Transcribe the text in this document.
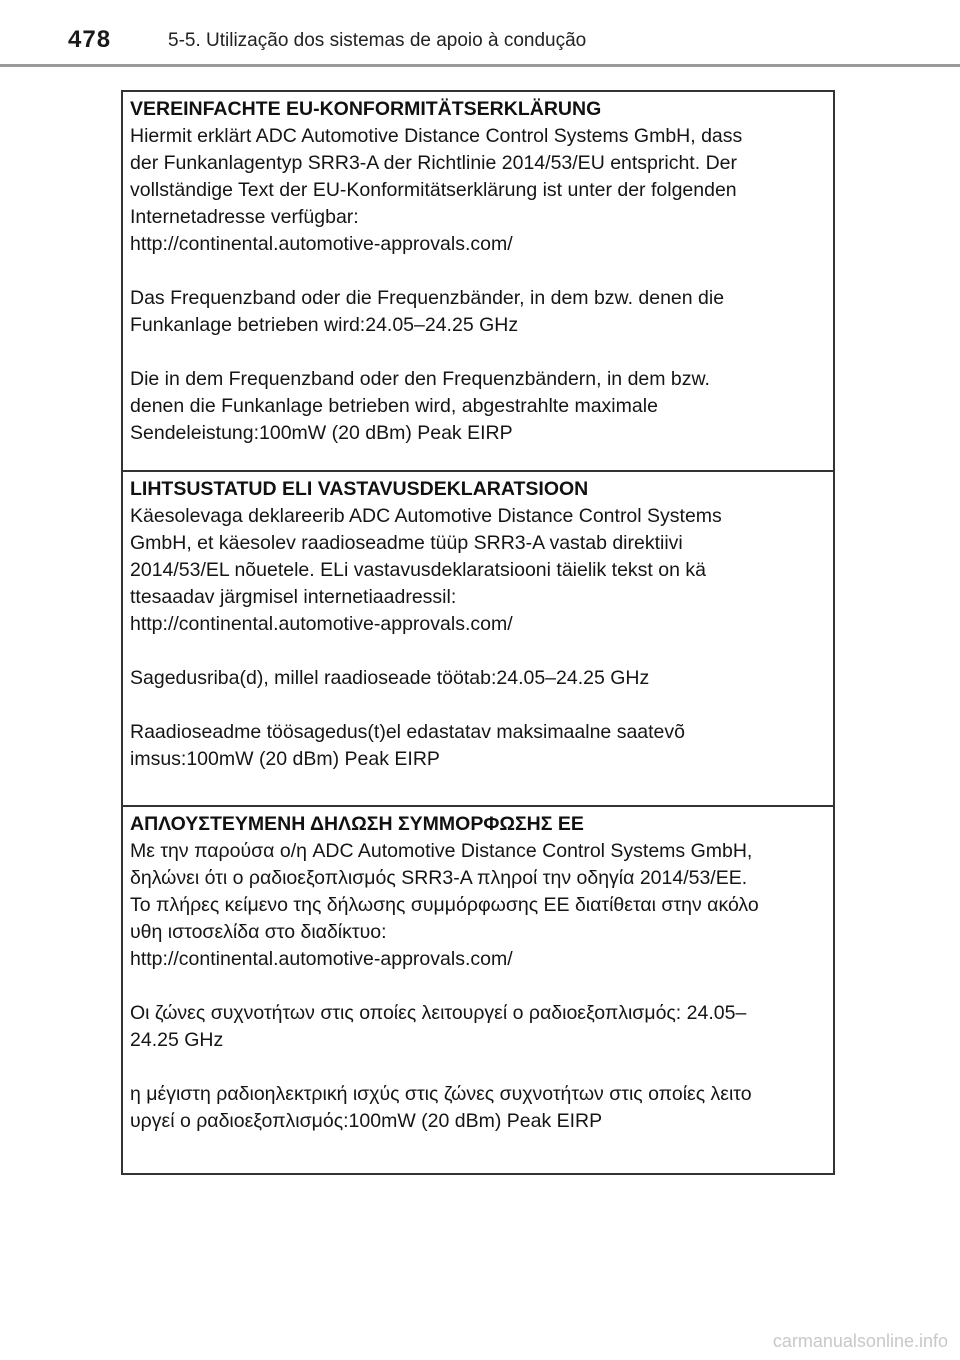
478	5-5. Utilização dos sistemas de apoio à condução
VEREINFACHTE EU-KONFORMITÄTSERKLÄRUNG
Hiermit erklärt ADC Automotive Distance Control Systems GmbH, dass
der Funkanlagentyp SRR3-A der Richtlinie 2014/53/EU entspricht. Der
vollständige Text der EU-Konformitätserklärung ist unter der folgenden
Internetadresse verfügbar:
http://continental.automotive-approvals.com/
Das Frequenzband oder die Frequenzbänder, in dem bzw. denen die
Funkanlage betrieben wird:24.05–24.25 GHz
Die in dem Frequenzband oder den Frequenzbändern, in dem bzw.
denen die Funkanlage betrieben wird, abgestrahlte maximale
Sendeleistung:100mW (20 dBm) Peak EIRP
LIHTSUSTATUD ELI VASTAVUSDEKLARATSIOON
Käesolevaga deklareerib ADC Automotive Distance Control Systems
GmbH, et käesolev raadioseadme tüüp SRR3-A vastab direktiivi
2014/53/EL nõuetele. ELi vastavusdeklaratsiooni täielik tekst on kä
ttesaadav järgmisel internetiaadressil:
http://continental.automotive-approvals.com/
Sagedusriba(d), millel raadioseade töötab:24.05–24.25 GHz
Raadioseadme töösagedus(t)el edastatav maksimaalne saatevõ
imsus:100mW (20 dBm) Peak EIRP
ΑΠΛΟΥΣΤΕΥΜΕΝΗ ΔΗΛΩΣΗ ΣΥΜΜΟΡΦΩΣΗΣ ΕΕ
Με την παρούσα ο/η ADC Automotive Distance Control Systems GmbH,
δηλώνει ότι ο ραδιοεξοπλισμός SRR3-A πληροί την οδηγία 2014/53/ΕΕ.
Το πλήρες κείμενο της δήλωσης συμμόρφωσης ΕΕ διατίθεται στην ακόλο
υθη ιστοσελίδα στο διαδίκτυο:
http://continental.automotive-approvals.com/
Οι ζώνες συχνοτήτων στις οποίες λειτουργεί ο ραδιοεξοπλισμός: 24.05–
24.25 GHz
η μέγιστη ραδιοηλεκτρική ισχύς στις ζώνες συχνοτήτων στις οποίες λειτο
υργεί ο ραδιοεξοπλισμός:100mW (20 dBm) Peak EIRP
carmanualsonline.info
